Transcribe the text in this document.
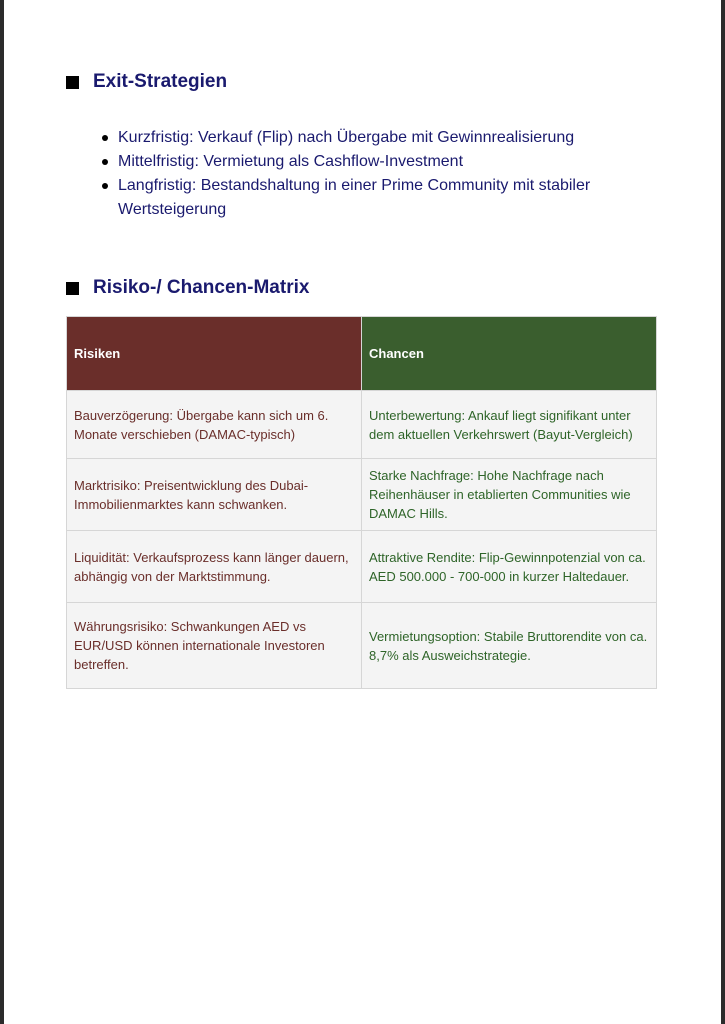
Exit-Strategien
Kurzfristig: Verkauf (Flip) nach Übergabe mit Gewinnrealisierung
Mittelfristig: Vermietung als Cashflow-Investment
Langfristig: Bestandshaltung in einer Prime Community mit stabiler Wertsteigerung
Risiko-/ Chancen-Matrix
Risiken	Chancen
Bauverzögerung: Übergabe kann sich um 6. Monate verschieben (DAMAC-typisch)	Unterbewertung: Ankauf liegt signifikant unter dem aktuellen Verkehrswert (Bayut-Vergleich)
Marktrisiko: Preisentwicklung des Dubai-Immobilienmarktes kann schwanken.	Starke Nachfrage: Hohe Nachfrage nach Reihenhäuser in etablierten Communities wie DAMAC Hills.
Liquidität: Verkaufsprozess kann länger dauern, abhängig von der Marktstimmung.	Attraktive Rendite: Flip-Gewinnpotenzial von ca. AED 500.000 - 700-000 in kurzer Haltedauer.
Währungsrisiko: Schwankungen AED vs EUR/USD können internationale Investoren betreffen.	Vermietungsoption: Stabile Bruttorendite von ca. 8,7% als Ausweichstrategie.
